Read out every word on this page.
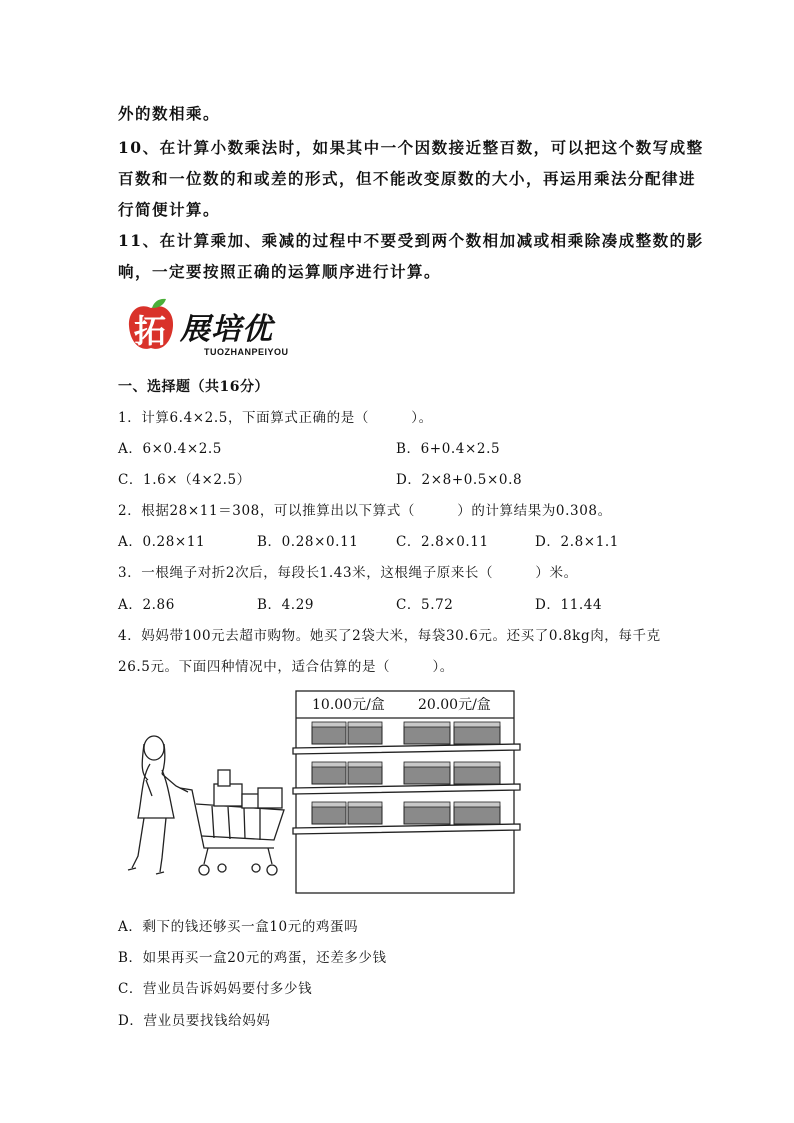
外的数相乘。
10、在计算小数乘法时，如果其中一个因数接近整百数，可以把这个数写成整
百数和一位数的和或差的形式，但不能改变原数的大小，再运用乘法分配律进
行简便计算。
11、在计算乘加、乘减的过程中不要受到两个数相加减或相乘除凑成整数的影
响，一定要按照正确的运算顺序进行计算。
拓 展培优
TUOZHANPEIYOU
一、选择题（共16分）
1．计算6.4×2.5，下面算式正确的是（　　　）。
A．6×0.4×2.5	B．6+0.4×2.5
C．1.6×（4×2.5）	D．2×8+0.5×0.8
2．根据28×11＝308，可以推算出以下算式（　　　）的计算结果为0.308。
A．0.28×11	B．0.28×0.11	C．2.8×0.11	D．2.8×1.1
3．一根绳子对折2次后，每段长1.43米，这根绳子原来长（　　　）米。
A．2.86	B．4.29	C．5.72	D．11.44
4．妈妈带100元去超市购物。她买了2袋大米，每袋30.6元。还买了0.8kg肉，每千克
26.5元。下面四种情况中，适合估算的是（　　　）。
10.00元/盒 20.00元/盒
A．剩下的钱还够买一盒10元的鸡蛋吗
B．如果再买一盒20元的鸡蛋，还差多少钱
C．营业员告诉妈妈要付多少钱
D．营业员要找钱给妈妈
